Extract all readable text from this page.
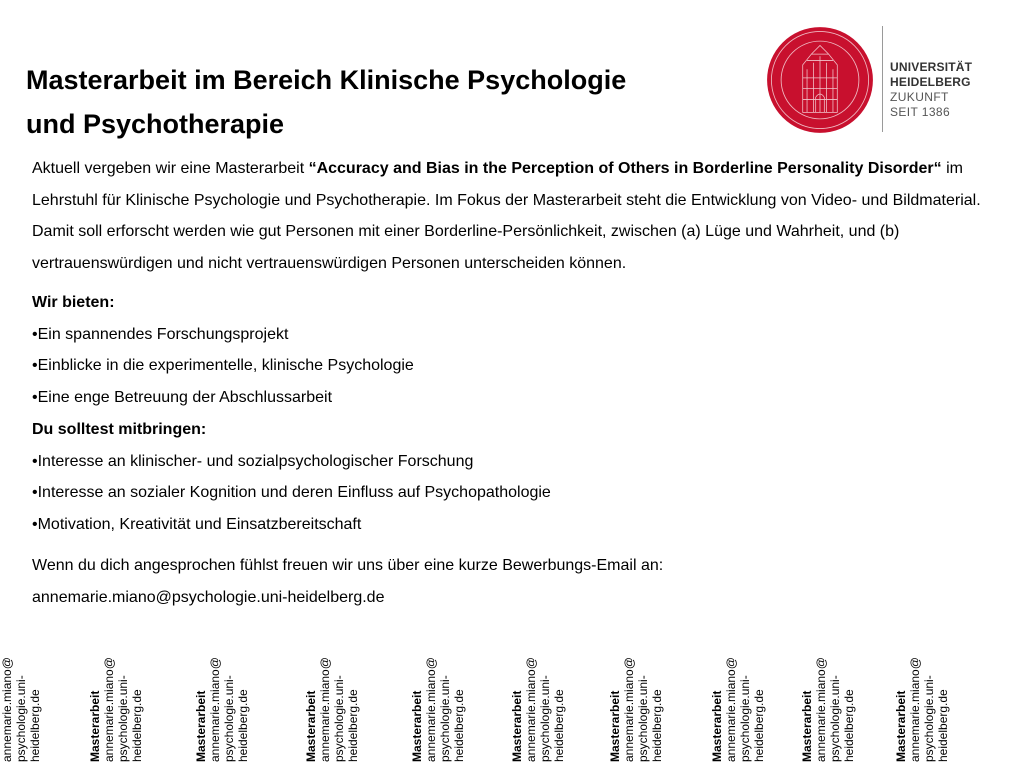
Masterarbeit im Bereich Klinische Psychologie
und Psychotherapie
UNIVERSITÄT
HEIDELBERG
ZUKUNFT
SEIT 1386

Aktuell vergeben wir eine Masterarbeit “Accuracy and Bias in the Perception of Others in Borderline Personality Disorder“ im Lehrstuhl für Klinische Psychologie und Psychotherapie. Im Fokus der Masterarbeit steht die Entwicklung von Video- und Bildmaterial. Damit soll erforscht werden wie gut Personen mit einer Borderline-Persönlichkeit, zwischen (a) Lüge und Wahrheit, und (b) vertrauenswürdigen und nicht vertrauenswürdigen Personen unterscheiden können.

Wir bieten:
•Ein spannendes Forschungsprojekt
•Einblicke in die experimentelle, klinische Psychologie
•Eine enge Betreuung der Abschlussarbeit
Du solltest mitbringen:
•Interesse an klinischer- und sozialpsychologischer Forschung
•Interesse an sozialer Kognition und deren Einfluss auf Psychopathologie
•Motivation, Kreativität und Einsatzbereitschaft
Wenn du dich angesprochen fühlst freuen wir uns über eine kurze Bewerbungs-Email an:
annemarie.miano@psychologie.uni-heidelberg.de
annemarie.miano@ psychologie.uni- heidelberg.de	Masterarbeit annemarie.miano@ psychologie.uni- heidelberg.de	Masterarbeit annemarie.miano@ psychologie.uni- heidelberg.de	Masterarbeit annemarie.miano@ psychologie.uni- heidelberg.de	Masterarbeit annemarie.miano@ psychologie.uni- heidelberg.de	Masterarbeit annemarie.miano@ psychologie.uni- heidelberg.de	Masterarbeit annemarie.miano@ psychologie.uni- heidelberg.de	Masterarbeit annemarie.miano@ psychologie.uni- heidelberg.de	Masterarbeit annemarie.miano@ psychologie.uni- heidelberg.de	Masterarbeit annemarie.miano@ psychologie.uni- heidelberg.de
